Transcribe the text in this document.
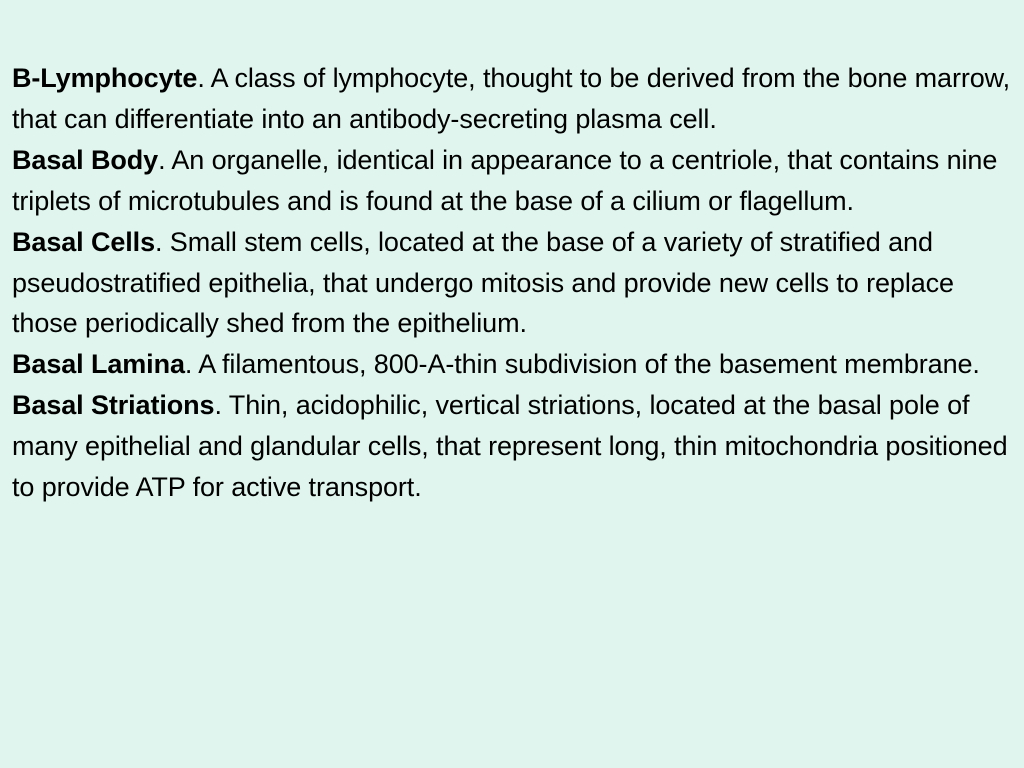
B-Lymphocyte. A class of lymphocyte, thought to be derived from the bone marrow, that can differentiate into an antibody-secreting plasma cell.

Basal Body. An organelle, identical in appearance to a centriole, that contains nine triplets of microtubules and is found at the base of a cilium or flagellum.

Basal Cells. Small stem cells, located at the base of a variety of stratified and pseudostratified epithelia, that undergo mitosis and provide new cells to replace those periodically shed from the epithelium.

Basal Lamina. A filamentous, 800-A-thin subdivision of the basement membrane.

Basal Striations. Thin, acidophilic, vertical striations, located at the basal pole of many epithelial and glandular cells, that represent long, thin mitochondria positioned to provide ATP for active transport.
